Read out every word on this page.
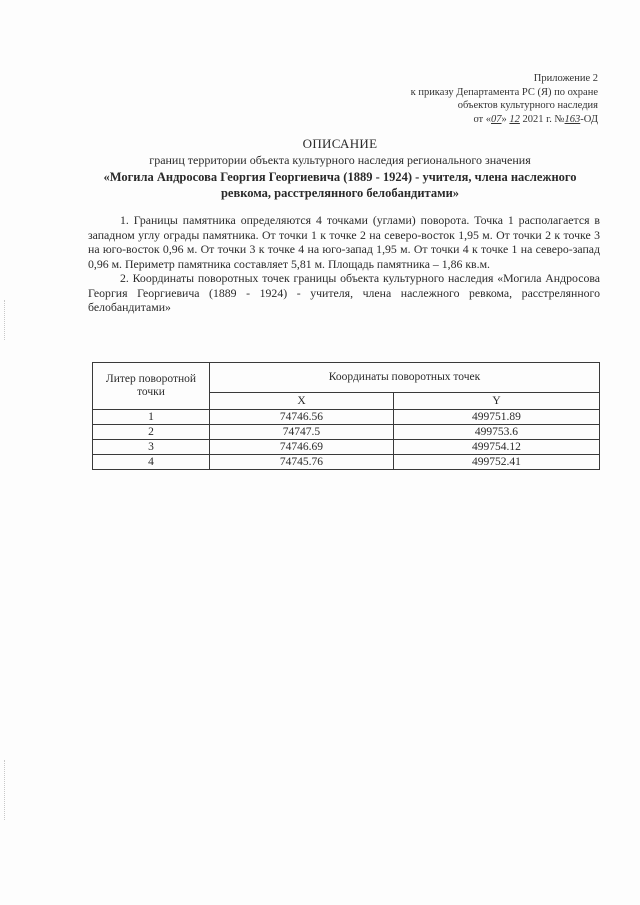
Приложение 2
к приказу Департамента РС (Я) по охране
объектов культурного наследия
от «07» 12 2021 г. №163-ОД
ОПИСАНИЕ
границ территории объекта культурного наследия регионального значения
«Могила Андросова Георгия Георгиевича (1889 - 1924) - учителя, члена наслежного ревкома, расстрелянного белобандитами»

1. Границы памятника определяются 4 точками (углами) поворота. Точка 1 располагается в западном углу ограды памятника. От точки 1 к точке 2 на северо-восток 1,95 м. От точки 2 к точке 3 на юго-восток 0,96 м. От точки 3 к точке 4 на юго-запад 1,95 м. От точки 4 к точке 1 на северо-запад 0,96 м. Периметр памятника составляет 5,81 м. Площадь памятника – 1,86 кв.м.

2. Координаты поворотных точек границы объекта культурного наследия «Могила Андросова Георгия Георгиевича (1889 - 1924) - учителя, члена наслежного ревкома, расстрелянного белобандитами»

Литер поворотной точки	Координаты поворотных точек	
	X	Y
1	74746.56	499751.89
2	74747.5	499753.6
3	74746.69	499754.12
4	74745.76	499752.41
